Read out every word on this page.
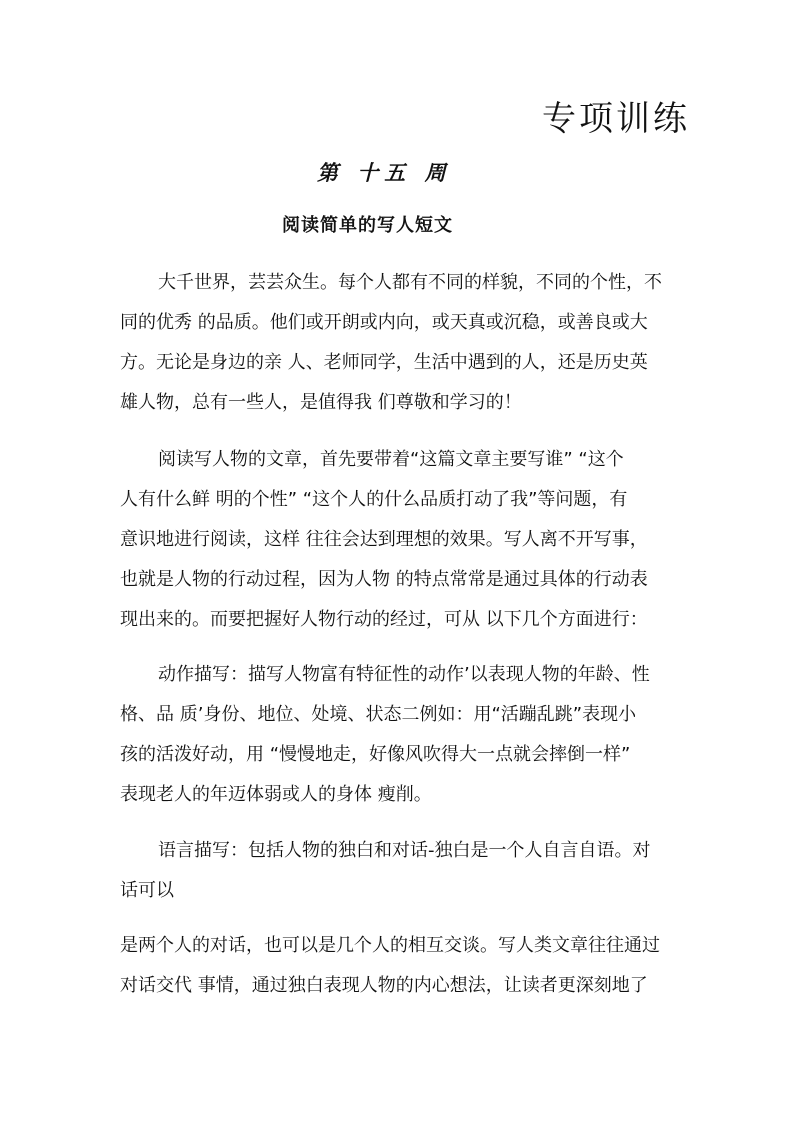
专项训练
第 十五 周
阅读简单的写人短文
大千世界，芸芸众生。每个人都有不同的样貌，不同的个性，不
同的优秀 的品质。他们或开朗或内向，或天真或沉稳，或善良或大
方。无论是身边的亲 人、老师同学，生活中遇到的人，还是历史英
雄人物，总有一些人，是值得我 们尊敬和学习的！
阅读写人物的文章，首先要带着“这篇文章主要写谁” “这个
人有什么鲜 明的个性” “这个人的什么品质打动了我”等问题，有
意识地进行阅读，这样 往往会达到理想的效果。写人离不开写事，
也就是人物的行动过程，因为人物 的特点常常是通过具体的行动表
现出来的。而要把握好人物行动的经过，可从 以下几个方面进行：
动作描写：描写人物富有特征性的动作’以表现人物的年龄、性
格、品 质’身份、地位、处境、状态二例如：用“活蹦乱跳”表现小
孩的活泼好动，用 “慢慢地走，好像风吹得大一点就会摔倒一样”
表现老人的年迈体弱或人的身体 瘦削。
语言描写：包括人物的独白和对话-独白是一个人自言自语。对
话可以
是两个人的对话，也可以是几个人的相互交谈。写人类文章往往通过
对话交代 事情，通过独白表现人物的内心想法，让读者更深刻地了
